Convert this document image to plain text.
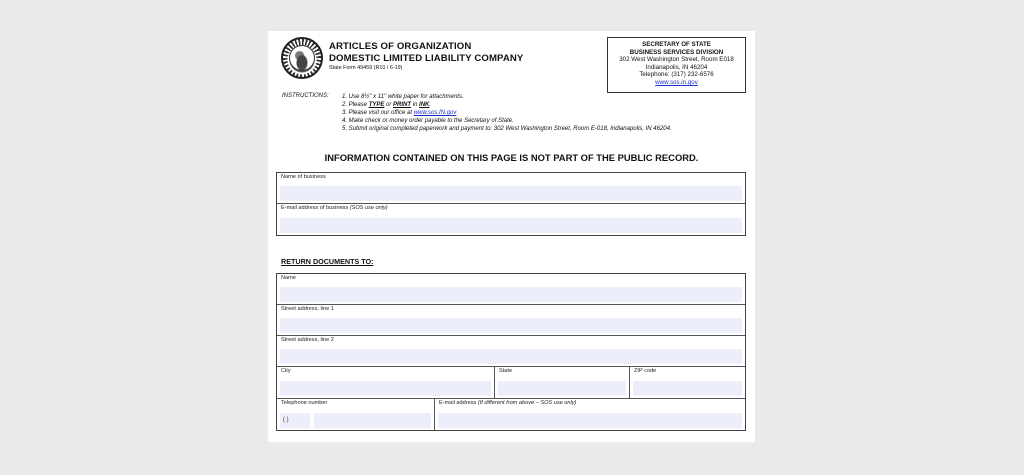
ARTICLES OF ORGANIZATION
DOMESTIC LIMITED LIABILITY COMPANY
State Form 49459 (R10 / 6-19)
SECRETARY OF STATE
BUSINESS SERVICES DIVISION
302 West Washington Street, Room E018
Indianapolis, IN 46204
Telephone: (317) 232-6576
www.sos.in.gov
INSTRUCTIONS: 1. Use 8½" x 11" white paper for attachments.
2. Please TYPE or PRINT in INK.
3. Please visit our office at www.sos.IN.gov
4. Make check or money order payable to the Secretary of State.
5. Submit original completed paperwork and payment to: 302 West Washington Street, Room E-018, Indianapolis, IN 46204.
INFORMATION CONTAINED ON THIS PAGE IS NOT PART OF THE PUBLIC RECORD.
Name of business
E-mail address of business (SOS use only)
RETURN DOCUMENTS TO:
Name
Street address, line 1
Street address, line 2
City	State	ZIP code
Telephone number
( )
E-mail address (If different from above – SOS use only)
